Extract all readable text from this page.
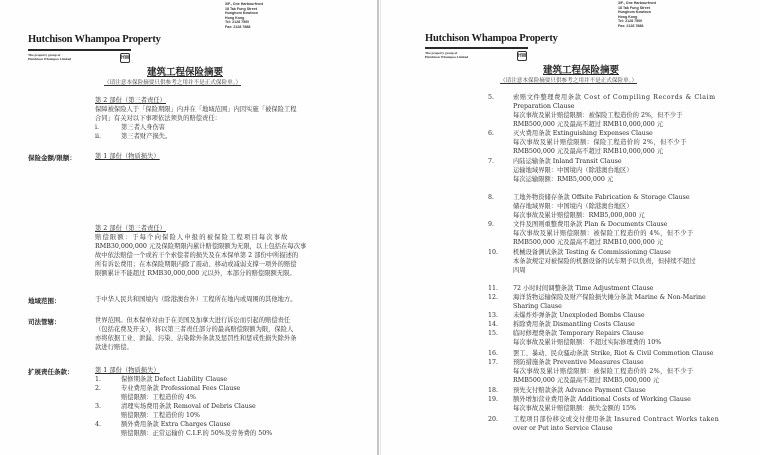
3/F., One Harbourfront
18 Tak Fung Street
Hunghom Kowloon
Hong Kong
Tel: 2128 7500
Fax: 2128 7888
Hutchison Whampoa Property
The property group of
Hutchison Whampoa Limited	HW
建筑工程保险摘要
（请注意本保险摘要只供参考之用并不是正式保险单。）
第 2 部份（第三者责任）
保障被保险人于「保险期限」内并在「地域范围」内因实施「被保险工程
合同」有关对以下事项依法须负的赔偿责任：
i.	第三者人身伤害
ii.	第三者财产损失。
保险金额/限额：	第 1 部份（物质损失）
第 2 部份（第三者责任）
赔偿限额：于每个向保险人申报的被保险工程项目每次事故
RMB30,000,000 元及保险期限内累计赔偿限额为无限，以上包括在每次事
故中依法赔偿一个或若干个索偿者的损失及在本保单第 2 部份中所描述的
所有诉讼费用；在本保险期限内除了震动、移动或减弱支撑一项外的赔偿
限额累计不能超过 RMB30,000,000 元以外，本部分的赔偿限额无限。
地域范围：	于中华人民共和国境内（除港澳台外）工程所在地内或周围的其他地方。
司法管辖：	世界范围。但本保单对由于在美国及加拿大进行诉讼而引起的赔偿责任
（包括花费及开支），将以第三者责任部分的最高赔偿限额为限，保险人
亦将依据工业、泄漏、污染、沾染除外条款及惩罚性和惩戒性损失除外条
款进行赔偿。
扩展责任条款：	第 1 部份（物质损失）
1.	保修期条款 Defect Liability Clause
2.	专业费用条款 Professional Fees Clause
赔偿限额：工程造价的 4%
3.	清理实场费用条款 Removal of Debris Clause
赔偿限额：工程造价的 10%
4.	额外费用条款 Extra Charges Clause
赔偿限额：正常运输价 C.I.F.的 50%及劳务费的 50%
3/F., One Harbourfront
18 Tak Fung Street
Hunghom Kowloon
Hong Kong
Tel: 2128 7500
Fax: 2128 7888
Hutchison Whampoa Property
The property group of
Hutchison Whampoa Limited	HW
建筑工程保险摘要
（请注意本保险摘要只供参考之用并不是正式保险单。）
5.	索赔文件整理费用条款 Cost of Compiling Records & Claim
Preparation Clause
每次事故及累计赔偿限额：被保险工程造价的 2%，但不少于
RMB500,000 元及最高不超过 RMB10,000,000 元
6.	灭火费用条款 Extinguishing Expenses Clause
每次事故及累计赔偿限额：保险工程造价的 2%，但不少于
RMB500,000 元及最高不超过 RMB10,000,000 元
7.	内陆运输条款 Inland Transit Clause
运输地域界限：中国境内（除港澳台地区）
每次运输限额：RMB5,000,000 元
8.	工地外物资储存条款 Offsite Fabrication & Storage Clause
储存地域界限：中国境内（除港澳台地区）
每次事故及累计赔偿限额：RMB5,000,000 元
9.	文件及图则重整费用条款 Plan & Documents Clause
每次事故及累计赔偿限额：被保险工程造价的 4%，但不少于
RMB500,000 元及最高不超过 RMB10,000,000 元
10.	机械设备测试条款 Testing & Commissioning Clause
本条款规定对被保险的机器设备的试车期予以负责，但持续不超过
四周
11.	72 小时时间调整条款 Time Adjustment Clause
12.	海洋货物运输保险及财产保险损失摊分条款 Marine & Non-Marine
Sharing Clause
13.	未爆炸炸弹条款 Unexploded Bombs Clause
14.	拆除费用条款 Dismantling Costs Clause
15.	临时修理费条款 Temporary Repairs Clause
每次事故及累计赔偿限额：不超过实际修理费的 10%
16.	罢工、暴动、民众骚动条款 Strike, Riot & Civil Commotion Clause
17.	预防措施条款 Preventive Measures Clause
每次事故及累计赔偿限额：被保险工程造价的 2%，但不少于
RMB500,000 元及最高不超过 RMB5,000,000 元
18.	预先支付赔款条款 Advance Payment Clause
19.	额外增加营业费用条款 Additional Costs of Working Clause
每次事故及累计赔偿限额：损失金额的 15%
20.	工程项目部份移交或交付使用条款 Insured Contract Works taken
over or Put into Service Clause
